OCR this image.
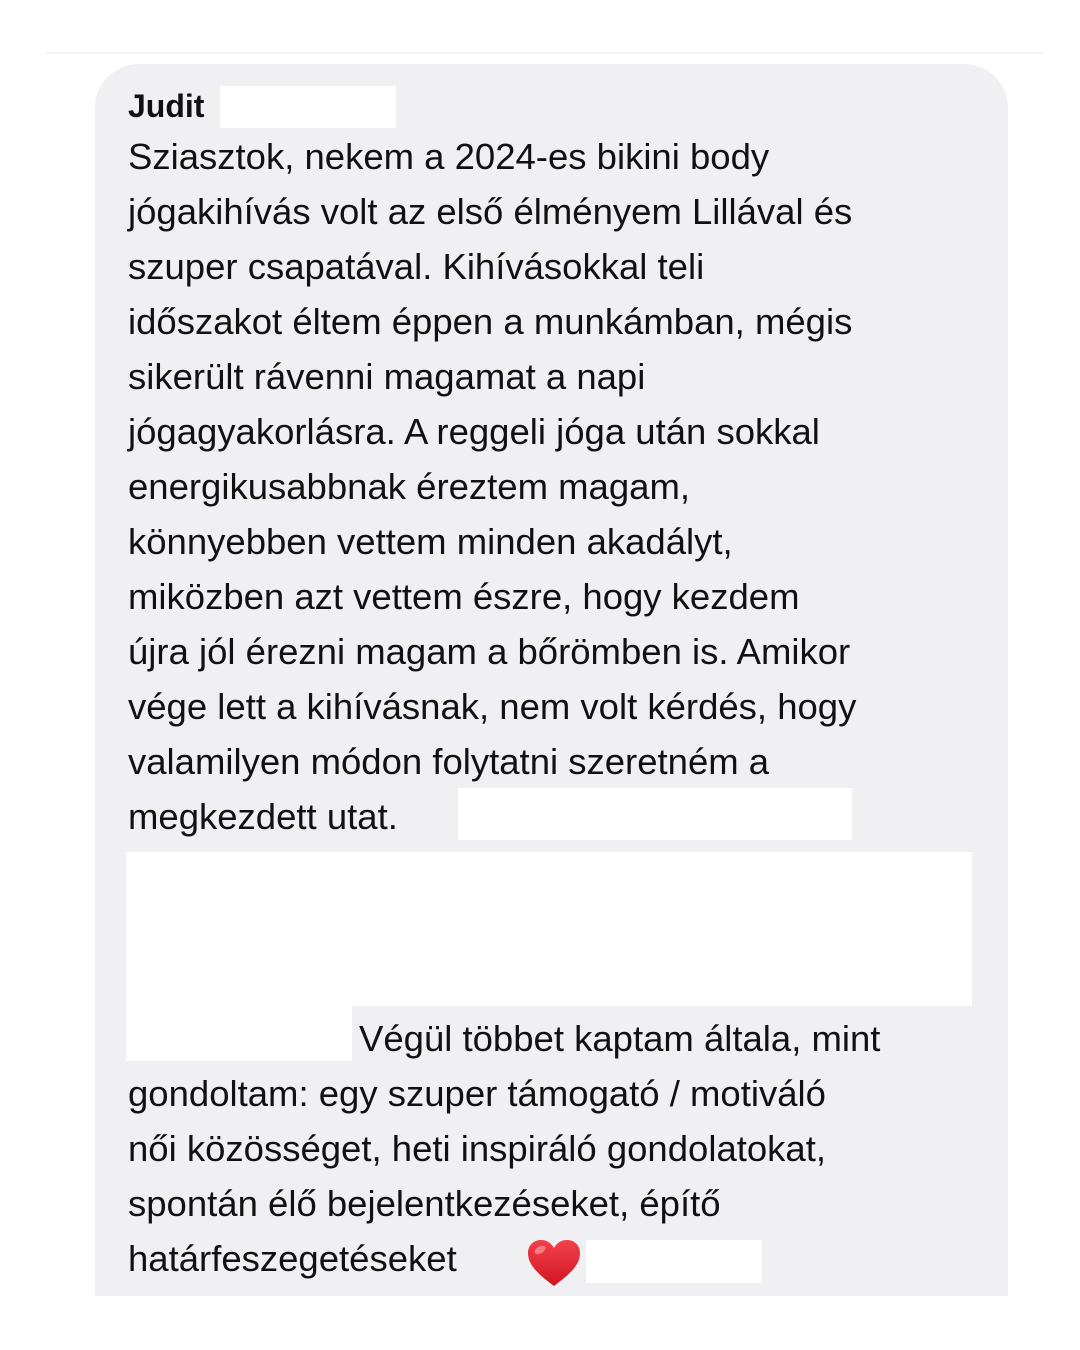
Judit
Sziasztok, nekem a 2024-es bikini body
jógakihívás volt az első élményem Lillával és
szuper csapatával. Kihívásokkal teli
időszakot éltem éppen a munkámban, mégis
sikerült rávenni magamat a napi
jógagyakorlásra. A reggeli jóga után sokkal
energikusabbnak éreztem magam,
könnyebben vettem minden akadályt,
miközben azt vettem észre, hogy kezdem
újra jól érezni magam a bőrömben is. Amikor
vége lett a kihívásnak, nem volt kérdés, hogy
valamilyen módon folytatni szeretném a
megkezdett utat.
Végül többet kaptam általa, mint
gondoltam: egy szuper támogató / motiváló
női közösséget, heti inspiráló gondolatokat,
spontán élő bejelentkezéseket, építő
határfeszegetéseket
